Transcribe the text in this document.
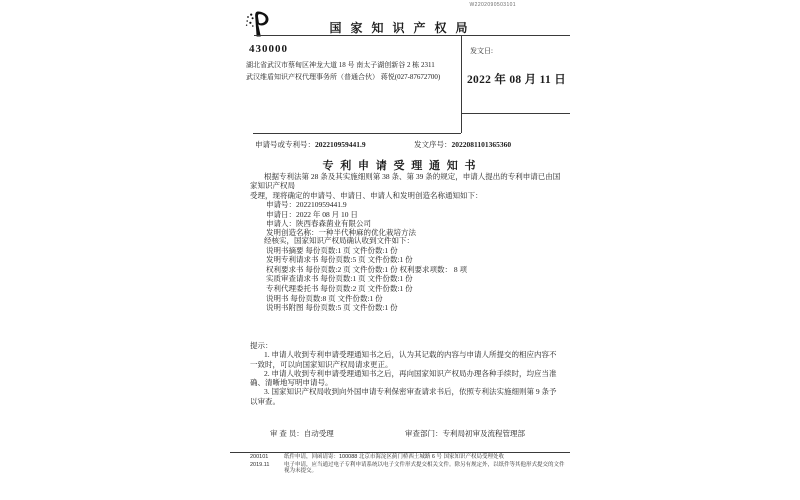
W2202090503101
国 家 知 识 产 权 局
430000
湖北省武汉市蔡甸区神龙大道 18 号 南太子湖创新谷 2 栋 2311
武汉维盾知识产权代理事务所（普通合伙） 蒋悦(027-87672700)
发文日:
2022 年 08 月 11 日
申请号或专利号：202210959441.9	发文序号：2022081101365360
专 利 申 请 受 理 通 知 书
根据专利法第 28 条及其实施细则第 38 条、第 39 条的规定，申请人提出的专利申请已由国家知识产权局
受理，现将确定的申请号、申请日、申请人和发明创造名称通知如下：
申请号：202210959441.9
申请日：2022 年 08 月 10 日
申请人：陕西春森菌业有限公司
发明创造名称：一种半代种麻的优化栽培方法
经核实，国家知识产权局确认收到文件如下：
说明书摘要 每份页数:1 页 文件份数:1 份
发明专利请求书 每份页数:5 页 文件份数:1 份
权利要求书 每份页数:2 页 文件份数:1 份 权利要求项数： 8 项
实质审查请求书 每份页数:1 页 文件份数:1 份
专利代理委托书 每份页数:2 页 文件份数:1 份
说明书 每份页数:8 页 文件份数:1 份
说明书附图 每份页数:5 页 文件份数:1 份
提示：
1. 申请人收到专利申请受理通知书之后，认为其记载的内容与申请人所提交的相应内容不一致时，可以向国家知识产权局请求更正。
2. 申请人收到专利申请受理通知书之后，再向国家知识产权局办理各种手续时，均应当准确、清晰地写明申请号。
3. 国家知识产权局收到向外国申请专利保密审查请求书后，依照专利法实施细则第 9 条予以审查。
审 查 员：自动受理	审查部门：专利局初审及流程管理部
200101	纸件申请，回函请寄：100088 北京市海淀区蓟门桥西土城路 6 号 国家知识产权局受理处收
2019.11	电子申请，应当通过电子专利申请系统以电子文件形式提交相关文件。除另有规定外，以纸件等其他形式提交的文件视为未提交。
